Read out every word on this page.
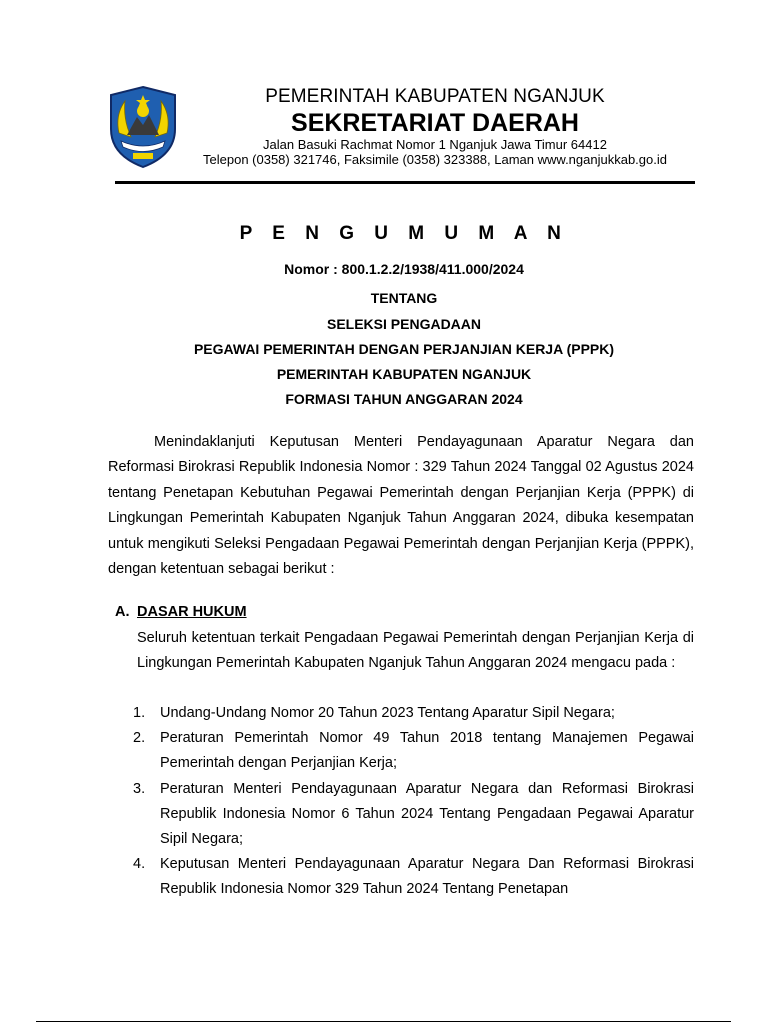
PEMERINTAH KABUPATEN NGANJUK
SEKRETARIAT DAERAH
Jalan Basuki Rachmat Nomor 1 Nganjuk Jawa Timur 64412
Telepon (0358) 321746, Faksimile (0358) 323388, Laman www.nganjukkab.go.id
P E N G U M U M A N
Nomor : 800.1.2.2/1938/411.000/2024
TENTANG
SELEKSI PENGADAAN
PEGAWAI PEMERINTAH DENGAN PERJANJIAN KERJA (PPPK)
PEMERINTAH KABUPATEN NGANJUK
FORMASI TAHUN ANGGARAN 2024
Menindaklanjuti Keputusan Menteri Pendayagunaan Aparatur Negara dan Reformasi Birokrasi Republik Indonesia Nomor : 329 Tahun 2024 Tanggal 02 Agustus 2024 tentang Penetapan Kebutuhan Pegawai Pemerintah dengan Perjanjian Kerja (PPPK) di Lingkungan Pemerintah Kabupaten Nganjuk Tahun Anggaran 2024, dibuka kesempatan untuk mengikuti Seleksi Pengadaan Pegawai Pemerintah dengan Perjanjian Kerja (PPPK), dengan ketentuan sebagai berikut :
A. DASAR HUKUM
Seluruh ketentuan terkait Pengadaan Pegawai Pemerintah dengan Perjanjian Kerja di Lingkungan Pemerintah Kabupaten Nganjuk Tahun Anggaran 2024 mengacu pada :
1. Undang-Undang Nomor 20 Tahun 2023 Tentang Aparatur Sipil Negara;
2. Peraturan Pemerintah Nomor 49 Tahun 2018 tentang Manajemen Pegawai Pemerintah dengan Perjanjian Kerja;
3. Peraturan Menteri Pendayagunaan Aparatur Negara dan Reformasi Birokrasi Republik Indonesia Nomor 6 Tahun 2024 Tentang Pengadaan Pegawai Aparatur Sipil Negara;
4. Keputusan Menteri Pendayagunaan Aparatur Negara Dan Reformasi Birokrasi Republik Indonesia Nomor 329 Tahun 2024 Tentang Penetapan
